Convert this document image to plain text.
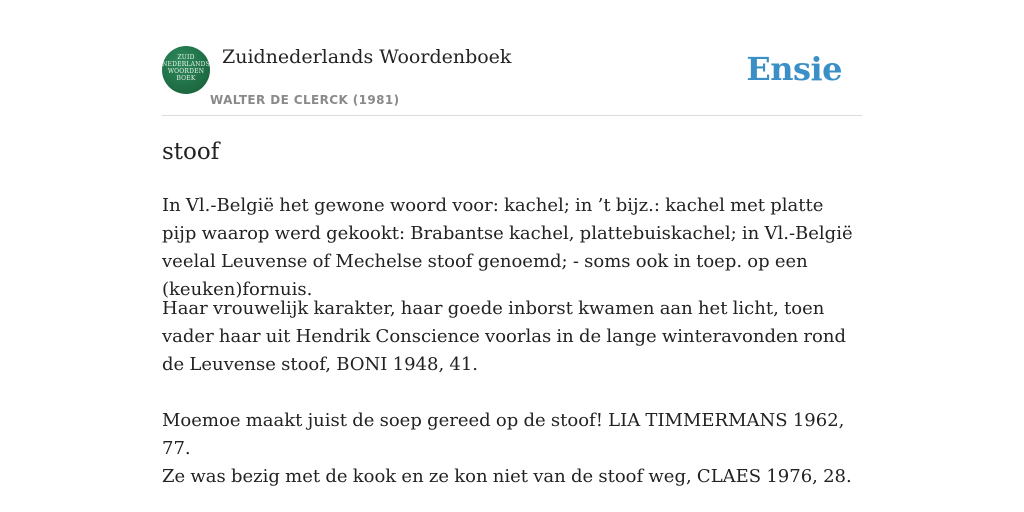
ZUID
NEDERLANDS
WOORDEN
BOEK
Zuidnederlands Woordenboek
WALTER DE CLERCK (1981)
Ensie
stoof

In Vl.-België het gewone woord voor: kachel; in ’t bijz.: kachel met platte pijp waarop werd gekookt: Brabantse kachel, plattebuiskachel; in Vl.-België veelal Leuvense of Mechelse stoof genoemd; - soms ook in toep. op een (keuken)fornuis.

Haar vrouwelijk karakter, haar goede inborst kwamen aan het licht, toen vader haar uit Hendrik Conscience voorlas in de lange winteravonden rond de Leuvense stoof, BONI 1948, 41.

Moemoe maakt juist de soep gereed op de stoof! LIA TIMMERMANS 1962, 77.

Ze was bezig met de kook en ze kon niet van de stoof weg, CLAES 1976, 28.
